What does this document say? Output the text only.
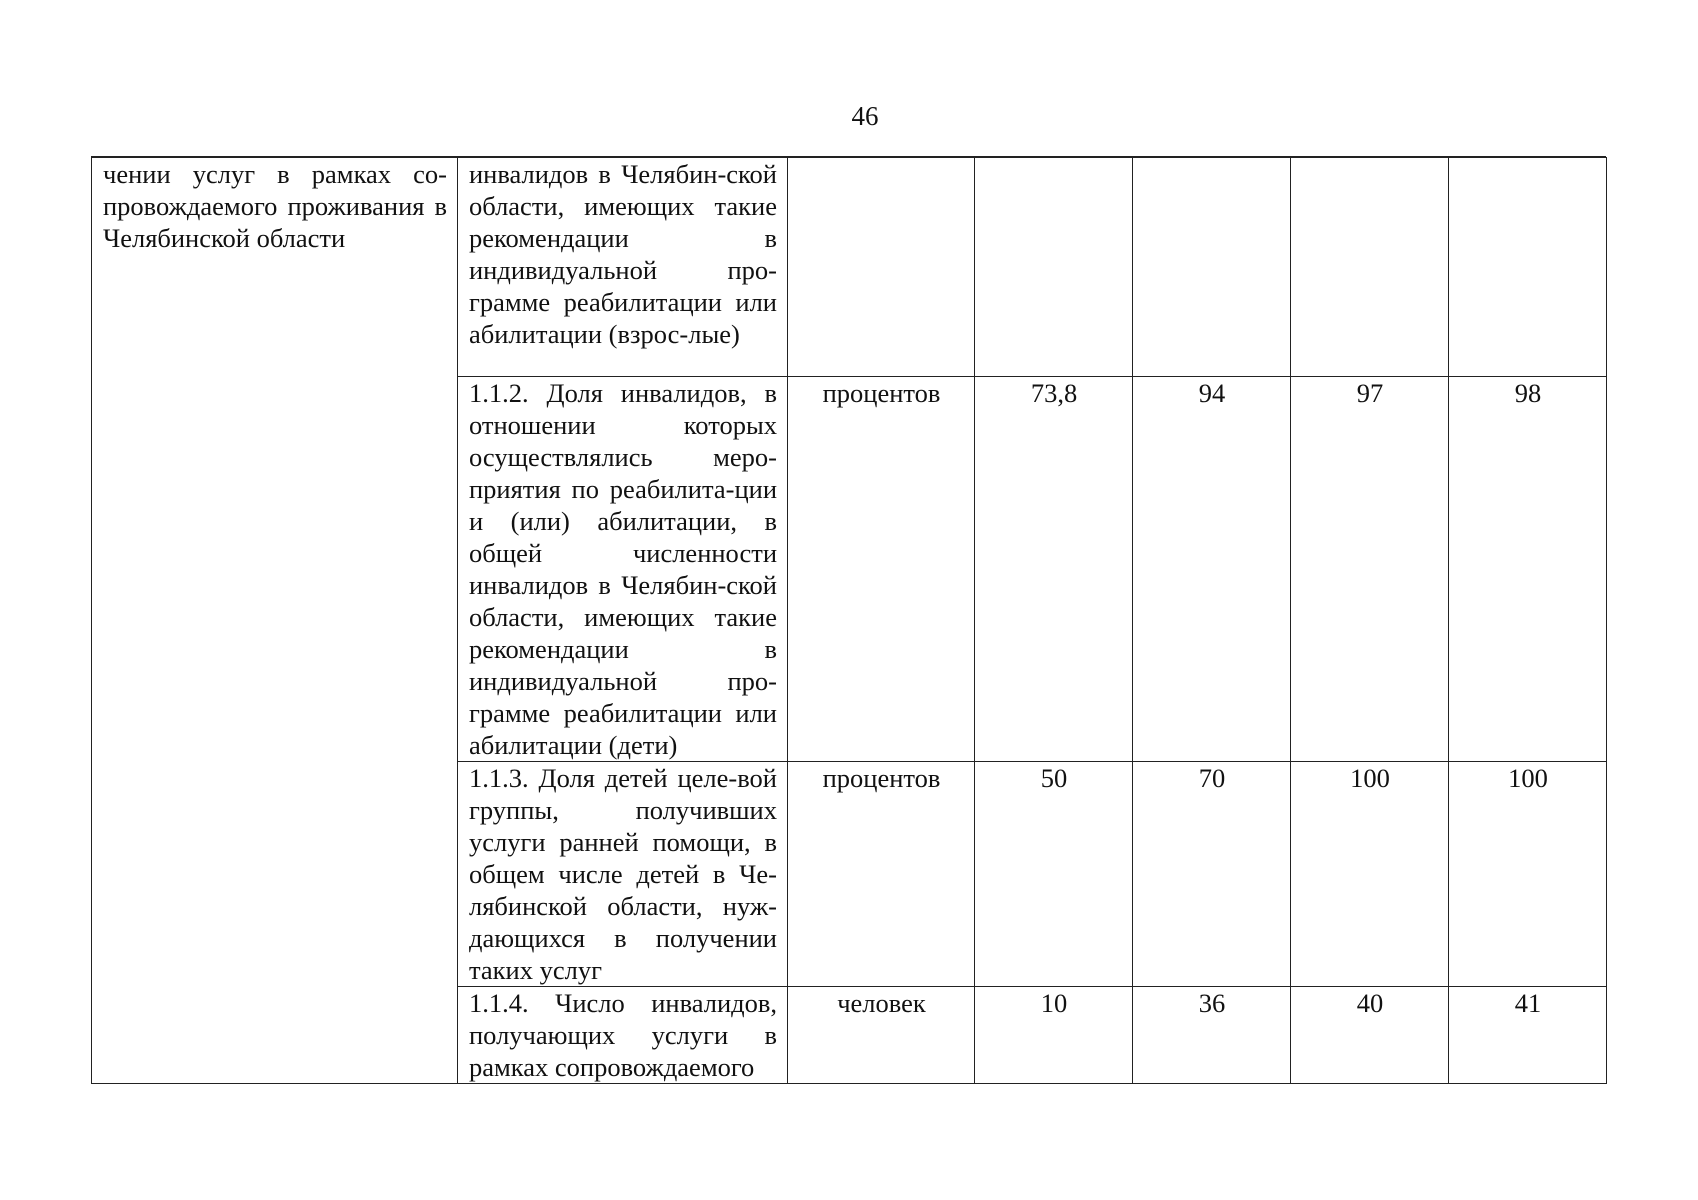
46
чении услуг в рамках со-провождаемого проживания в Челябинской области	инвалидов в Челябин-ской области, имеющих такие рекомендации в индивидуальной про-грамме реабилитации или абилитации (взрос-лые)					
	1.1.2. Доля инвалидов, в отношении которых осуществлялись меро-приятия по реабилита-ции и (или) абилитации, в общей численности инвалидов в Челябин-ской области, имеющих такие рекомендации в индивидуальной про-грамме реабилитации или абилитации (дети)	процентов	73,8	94	97	98
	1.1.3. Доля детей целе-вой группы, получивших услуги ранней помощи, в общем числе детей в Че-лябинской области, нуж-дающихся в получении таких услуг	процентов	50	70	100	100
	1.1.4. Число инвалидов, получающих услуги в рамках сопровождаемого	человек	10	36	40	41
